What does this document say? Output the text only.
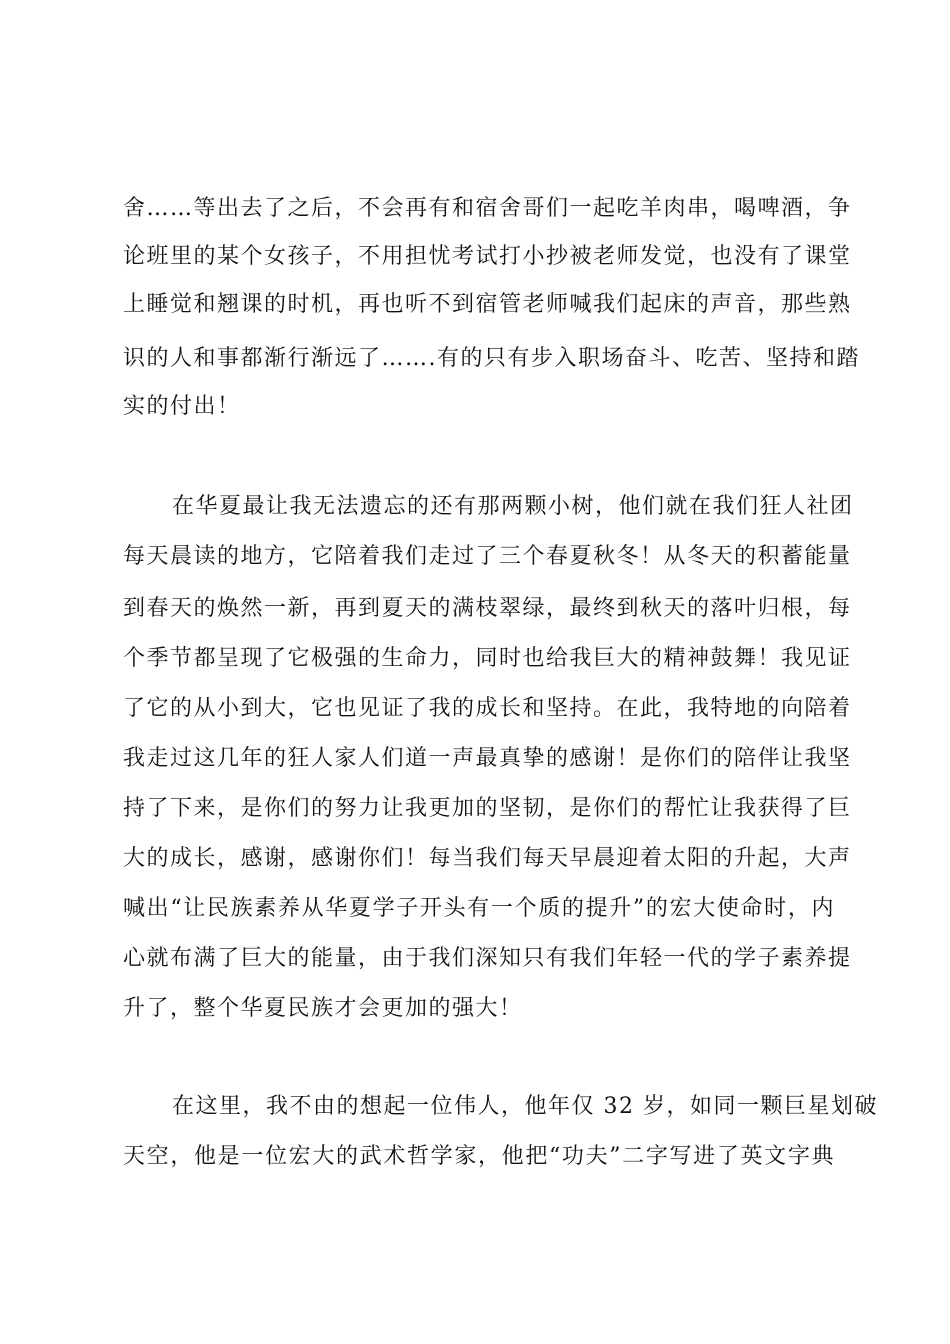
舍……等出去了之后，不会再有和宿舍哥们一起吃羊肉串，喝啤酒，争
论班里的某个女孩子，不用担忧考试打小抄被老师发觉，也没有了课堂
上睡觉和翘课的时机，再也听不到宿管老师喊我们起床的声音，那些熟
识的人和事都渐行渐远了…….有的只有步入职场奋斗、吃苦、坚持和踏
实的付出！
在华夏最让我无法遗忘的还有那两颗小树，他们就在我们狂人社团
每天晨读的地方，它陪着我们走过了三个春夏秋冬！从冬天的积蓄能量
到春天的焕然一新，再到夏天的满枝翠绿，最终到秋天的落叶归根，每
个季节都呈现了它极强的生命力，同时也给我巨大的精神鼓舞！我见证
了它的从小到大，它也见证了我的成长和坚持。在此，我特地的向陪着
我走过这几年的狂人家人们道一声最真挚的感谢！是你们的陪伴让我坚
持了下来，是你们的努力让我更加的坚韧，是你们的帮忙让我获得了巨
大的成长，感谢，感谢你们！每当我们每天早晨迎着太阳的升起，大声
喊出“让民族素养从华夏学子开头有一个质的提升”的宏大使命时，内
心就布满了巨大的能量，由于我们深知只有我们年轻一代的学子素养提
升了，整个华夏民族才会更加的强大！
在这里，我不由的想起一位伟人，他年仅 32 岁，如同一颗巨星划破
天空，他是一位宏大的武术哲学家，他把“功夫”二字写进了英文字典
